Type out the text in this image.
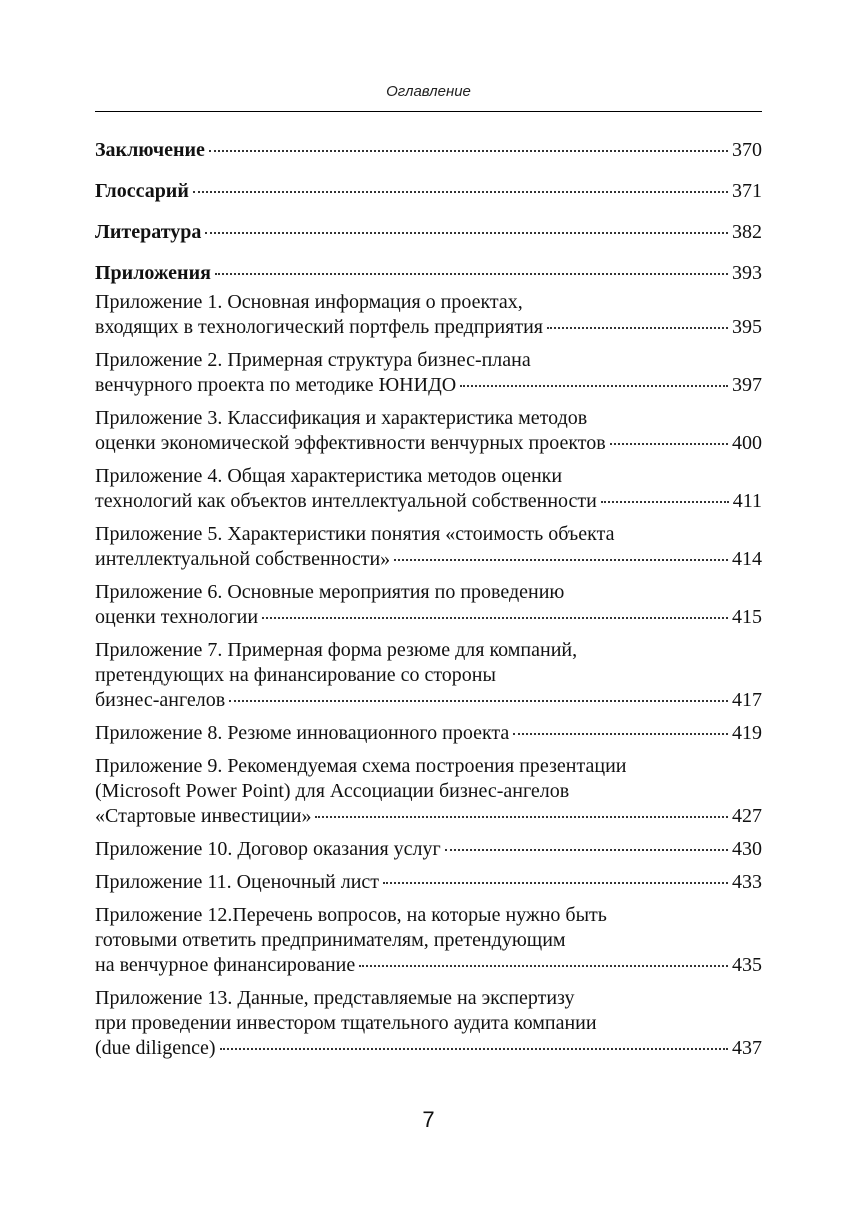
Оглавление
Заключение	370
Глоссарий	371
Литература	382
Приложения	393
Приложение 1. Основная информация о проектах,
входящих в технологический портфель предприятия	395
Приложение 2. Примерная структура бизнес-плана
венчурного проекта по методике ЮНИДО	397
Приложение 3. Классификация и характеристика методов
оценки экономической эффективности венчурных проектов	400
Приложение 4. Общая характеристика методов оценки
технологий как объектов интеллектуальной собственности	411
Приложение 5. Характеристики понятия «стоимость объекта
интеллектуальной собственности»	414
Приложение 6. Основные мероприятия по проведению
оценки технологии	415
Приложение 7. Примерная форма резюме для компаний,
претендующих на финансирование со стороны
бизнес-ангелов	417
Приложение 8. Резюме инновационного проекта	419
Приложение 9. Рекомендуемая схема построения презентации
(Microsoft Power Point) для Ассоциации бизнес-ангелов
«Стартовые инвестиции»	427
Приложение 10. Договор оказания услуг	430
Приложение 11. Оценочный лист	433
Приложение 12.Перечень вопросов, на которые нужно быть
готовыми ответить предпринимателям, претендующим
на венчурное финансирование	435
Приложение 13. Данные, представляемые на экспертизу
при проведении инвестором тщательного аудита компании
(due diligence)	437
7
